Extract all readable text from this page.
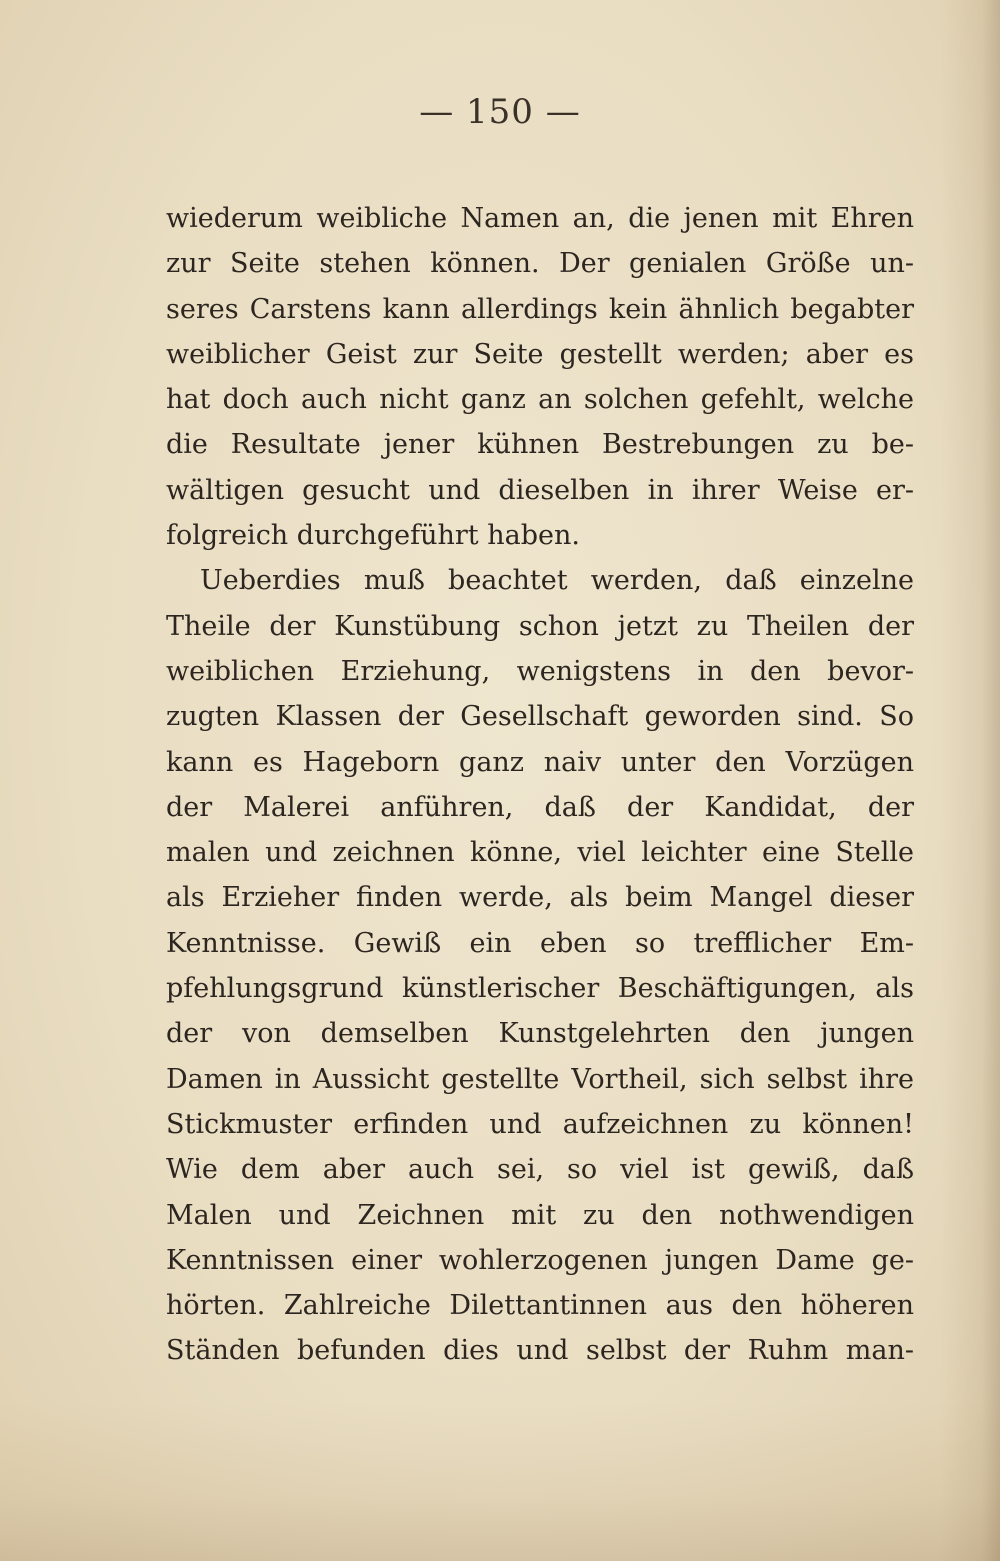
— 150 —
wiederum weibliche Namen an, die jenen mit Ehren
zur Seite stehen können. Der genialen Größe un-
seres Carstens kann allerdings kein ähnlich begabter
weiblicher Geist zur Seite gestellt werden; aber es
hat doch auch nicht ganz an solchen gefehlt, welche
die Resultate jener kühnen Bestrebungen zu be-
wältigen gesucht und dieselben in ihrer Weise er-
folgreich durchgeführt haben.
Ueberdies muß beachtet werden, daß einzelne
Theile der Kunstübung schon jetzt zu Theilen der
weiblichen Erziehung, wenigstens in den bevor-
zugten Klassen der Gesellschaft geworden sind. So
kann es Hageborn ganz naiv unter den Vorzügen
der Malerei anführen, daß der Kandidat, der
malen und zeichnen könne, viel leichter eine Stelle
als Erzieher finden werde, als beim Mangel dieser
Kenntnisse. Gewiß ein eben so trefflicher Em-
pfehlungsgrund künstlerischer Beschäftigungen, als
der von demselben Kunstgelehrten den jungen
Damen in Aussicht gestellte Vortheil, sich selbst ihre
Stickmuster erfinden und aufzeichnen zu können!
Wie dem aber auch sei, so viel ist gewiß, daß
Malen und Zeichnen mit zu den nothwendigen
Kenntnissen einer wohlerzogenen jungen Dame ge-
hörten. Zahlreiche Dilettantinnen aus den höheren
Ständen befunden dies und selbst der Ruhm man-
